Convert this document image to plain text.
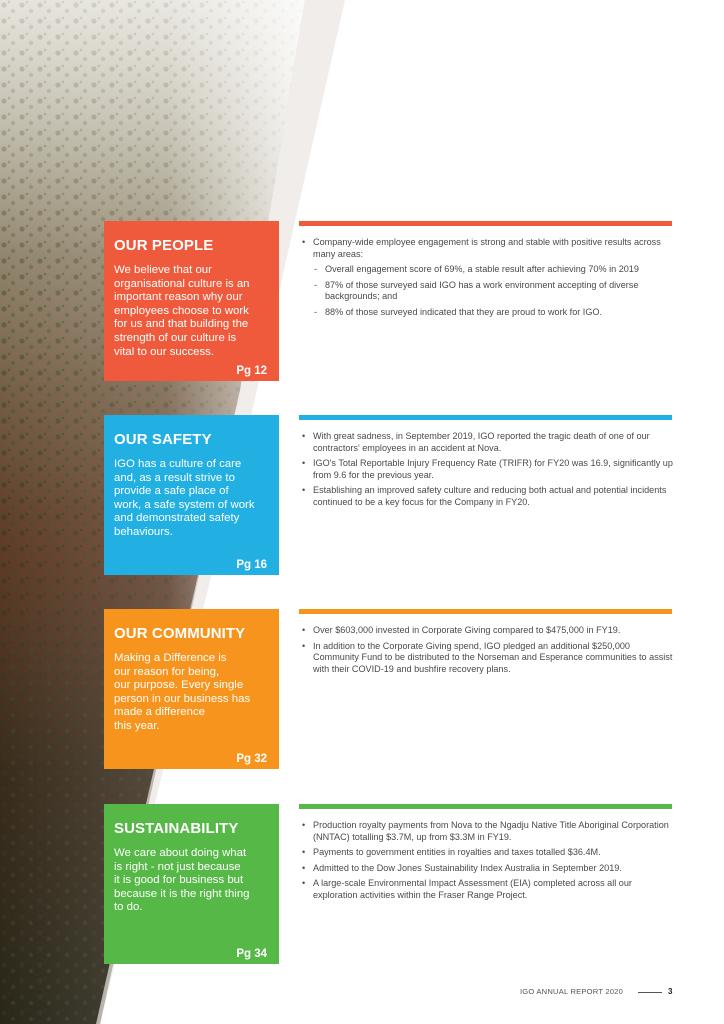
OUR PEOPLE
We believe that our
organisational culture is an
important reason why our
employees choose to work
for us and that building the
strength of our culture is
vital to our success.
Pg 12
• Company-wide employee engagement is strong and stable with positive results across many areas:
- Overall engagement score of 69%, a stable result after achieving 70% in 2019
- 87% of those surveyed said IGO has a work environment accepting of diverse backgrounds; and
- 88% of those surveyed indicated that they are proud to work for IGO.
OUR SAFETY
IGO has a culture of care
and, as a result strive to
provide a safe place of
work, a safe system of work
and demonstrated safety
behaviours.
Pg 16
• With great sadness, in September 2019, IGO reported the tragic death of one of our contractors' employees in an accident at Nova.
• IGO's Total Reportable Injury Frequency Rate (TRIFR) for FY20 was 16.9, significantly up from 9.6 for the previous year.
• Establishing an improved safety culture and reducing both actual and potential incidents continued to be a key focus for the Company in FY20.
OUR COMMUNITY
Making a Difference is
our reason for being,
our purpose. Every single
person in our business has
made a difference
this year.
Pg 32
• Over $603,000 invested in Corporate Giving compared to $475,000 in FY19.
• In addition to the Corporate Giving spend, IGO pledged an additional $250,000 Community Fund to be distributed to the Norseman and Esperance communities to assist with their COVID-19 and bushfire recovery plans.
SUSTAINABILITY
We care about doing what
is right - not just because
it is good for business but
because it is the right thing
to do.
Pg 34
• Production royalty payments from Nova to the Ngadju Native Title Aboriginal Corporation (NNTAC) totalling $3.7M, up from $3.3M in FY19.
• Payments to government entities in royalties and taxes totalled $36.4M.
• Admitted to the Dow Jones Sustainability Index Australia in September 2019.
• A large-scale Environmental Impact Assessment (EIA) completed across all our exploration activities within the Fraser Range Project.
IGO ANNUAL REPORT 2020	3
